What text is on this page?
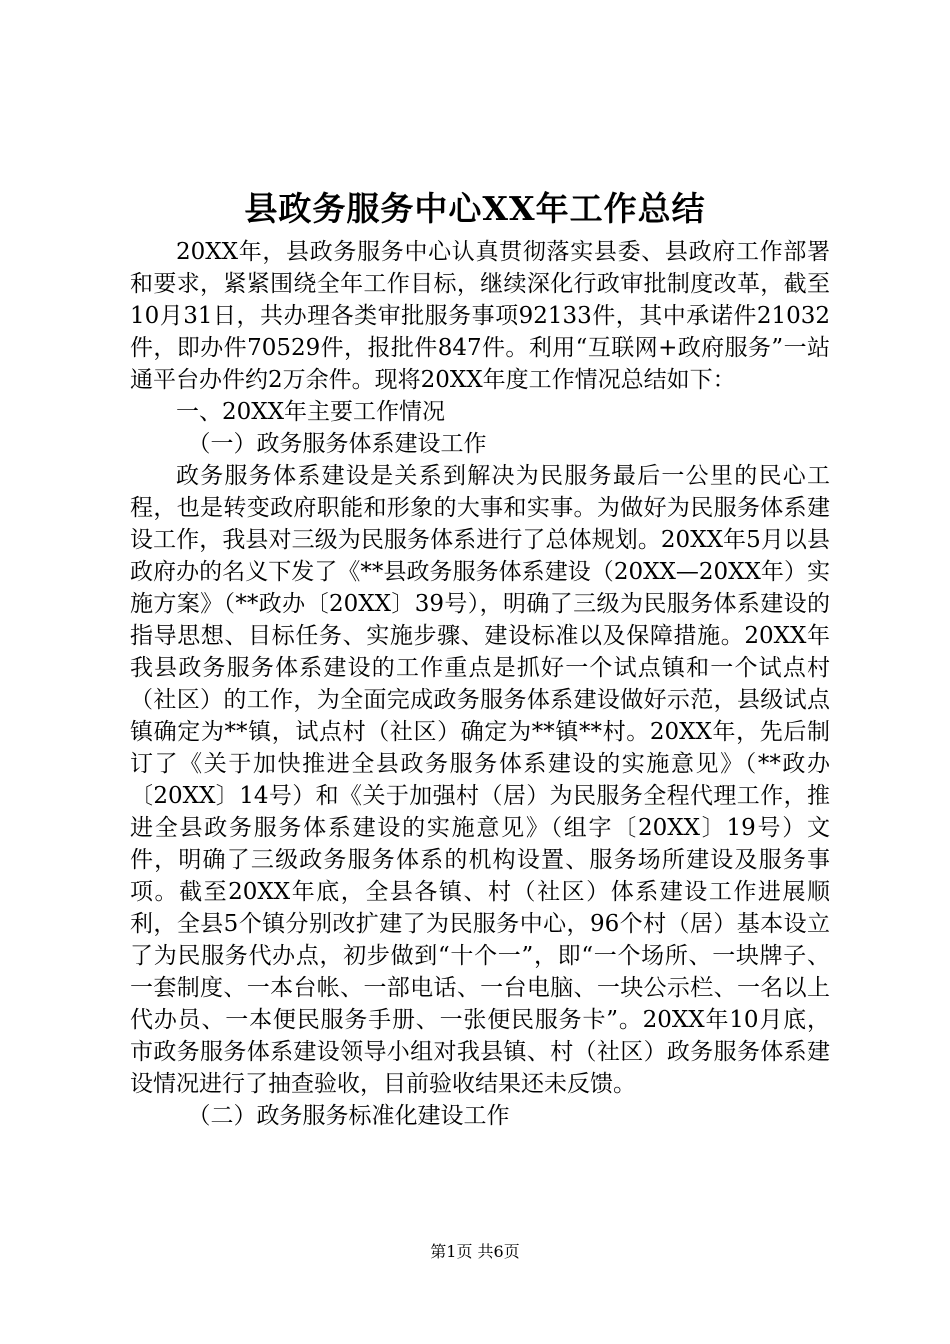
县政务服务中心XX年工作总结

20XX年，县政务服务中心认真贯彻落实县委、县政府工作部署和要求，紧紧围绕全年工作目标，继续深化行政审批制度改革，截至10月31日，共办理各类审批服务事项92133件，其中承诺件21032件，即办件70529件，报批件847件。利用“互联网+政府服务”一站通平台办件约2万余件。现将20XX年度工作情况总结如下：

一、20XX年主要工作情况

（一）政务服务体系建设工作

政务服务体系建设是关系到解决为民服务最后一公里的民心工程，也是转变政府职能和形象的大事和实事。为做好为民服务体系建设工作，我县对三级为民服务体系进行了总体规划。20XX年5月以县政府办的名义下发了《**县政务服务体系建设（20XX—20XX年）实施方案》（**政办〔20XX〕39号），明确了三级为民服务体系建设的指导思想、目标任务、实施步骤、建设标准以及保障措施。20XX年我县政务服务体系建设的工作重点是抓好一个试点镇和一个试点村（社区）的工作，为全面完成政务服务体系建设做好示范，县级试点镇确定为**镇，试点村（社区）确定为**镇**村。20XX年，先后制订了《关于加快推进全县政务服务体系建设的实施意见》（**政办〔20XX〕14号）和《关于加强村（居）为民服务全程代理工作，推进全县政务服务体系建设的实施意见》（组字〔20XX〕19号）文件，明确了三级政务服务体系的机构设置、服务场所建设及服务事项。截至20XX年底，全县各镇、村（社区）体系建设工作进展顺利，全县5个镇分别改扩建了为民服务中心，96个村（居）基本设立了为民服务代办点，初步做到“十个一”，即“一个场所、一块牌子、一套制度、一本台帐、一部电话、一台电脑、一块公示栏、一名以上代办员、一本便民服务手册、一张便民服务卡”。20XX年10月底，市政务服务体系建设领导小组对我县镇、村（社区）政务服务体系建设情况进行了抽查验收，目前验收结果还未反馈。

（二）政务服务标准化建设工作

第1页 共6页
